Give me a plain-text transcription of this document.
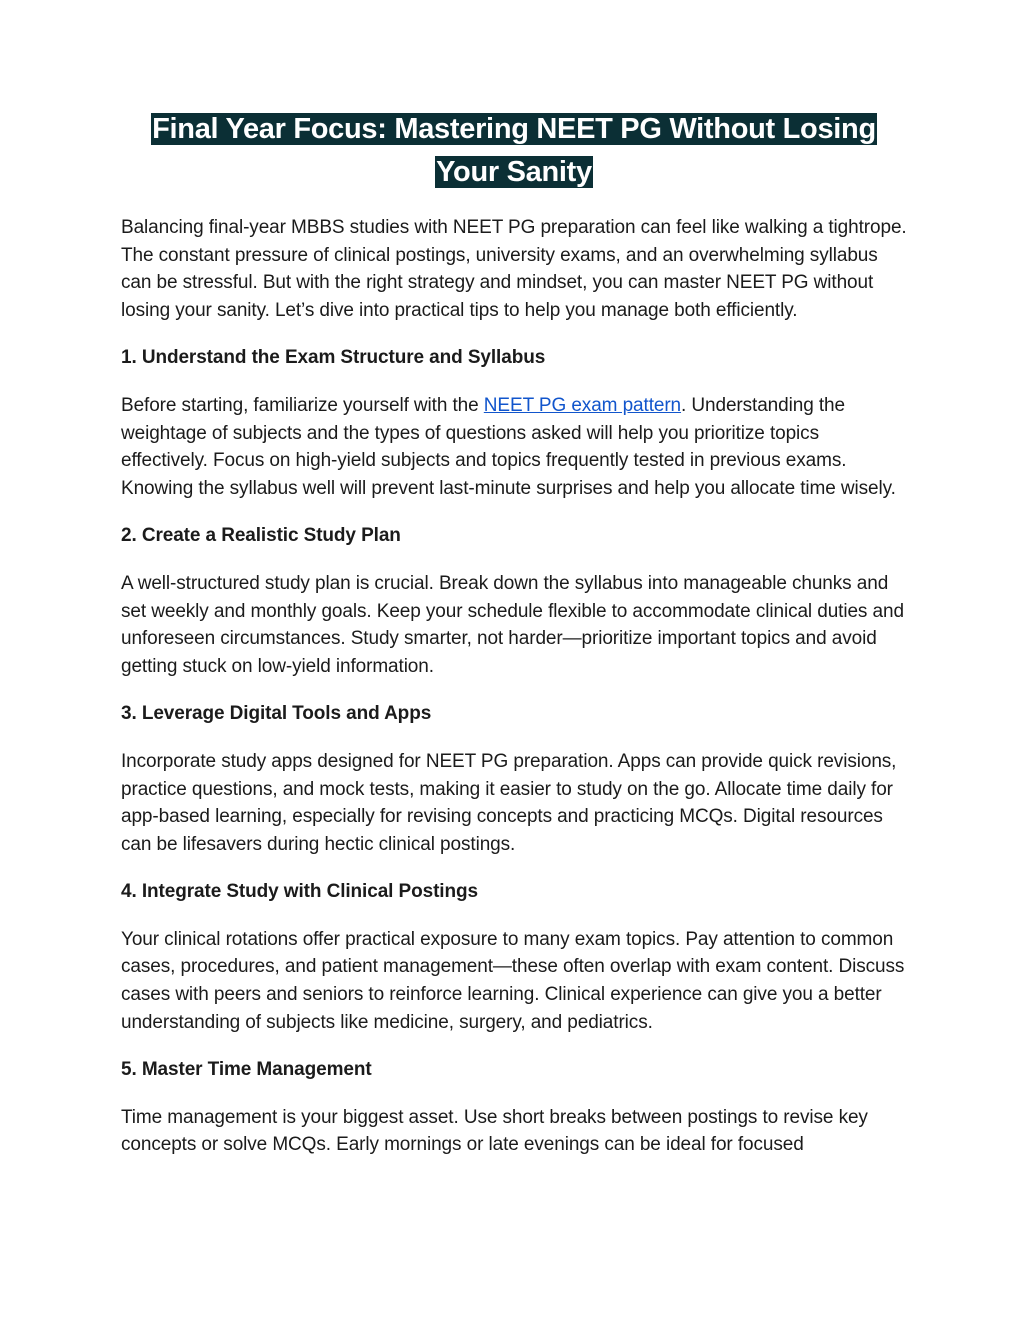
Final Year Focus: Mastering NEET PG Without Losing Your Sanity

Balancing final-year MBBS studies with NEET PG preparation can feel like walking a tightrope. The constant pressure of clinical postings, university exams, and an overwhelming syllabus can be stressful. But with the right strategy and mindset, you can master NEET PG without losing your sanity. Let’s dive into practical tips to help you manage both efficiently.

1. Understand the Exam Structure and Syllabus

Before starting, familiarize yourself with the NEET PG exam pattern. Understanding the weightage of subjects and the types of questions asked will help you prioritize topics effectively. Focus on high-yield subjects and topics frequently tested in previous exams. Knowing the syllabus well will prevent last-minute surprises and help you allocate time wisely.

2. Create a Realistic Study Plan

A well-structured study plan is crucial. Break down the syllabus into manageable chunks and set weekly and monthly goals. Keep your schedule flexible to accommodate clinical duties and unforeseen circumstances. Study smarter, not harder—prioritize important topics and avoid getting stuck on low-yield information.

3. Leverage Digital Tools and Apps

Incorporate study apps designed for NEET PG preparation. Apps can provide quick revisions, practice questions, and mock tests, making it easier to study on the go. Allocate time daily for app-based learning, especially for revising concepts and practicing MCQs. Digital resources can be lifesavers during hectic clinical postings.

4. Integrate Study with Clinical Postings

Your clinical rotations offer practical exposure to many exam topics. Pay attention to common cases, procedures, and patient management—these often overlap with exam content. Discuss cases with peers and seniors to reinforce learning. Clinical experience can give you a better understanding of subjects like medicine, surgery, and pediatrics.

5. Master Time Management

Time management is your biggest asset. Use short breaks between postings to revise key concepts or solve MCQs. Early mornings or late evenings can be ideal for focused
